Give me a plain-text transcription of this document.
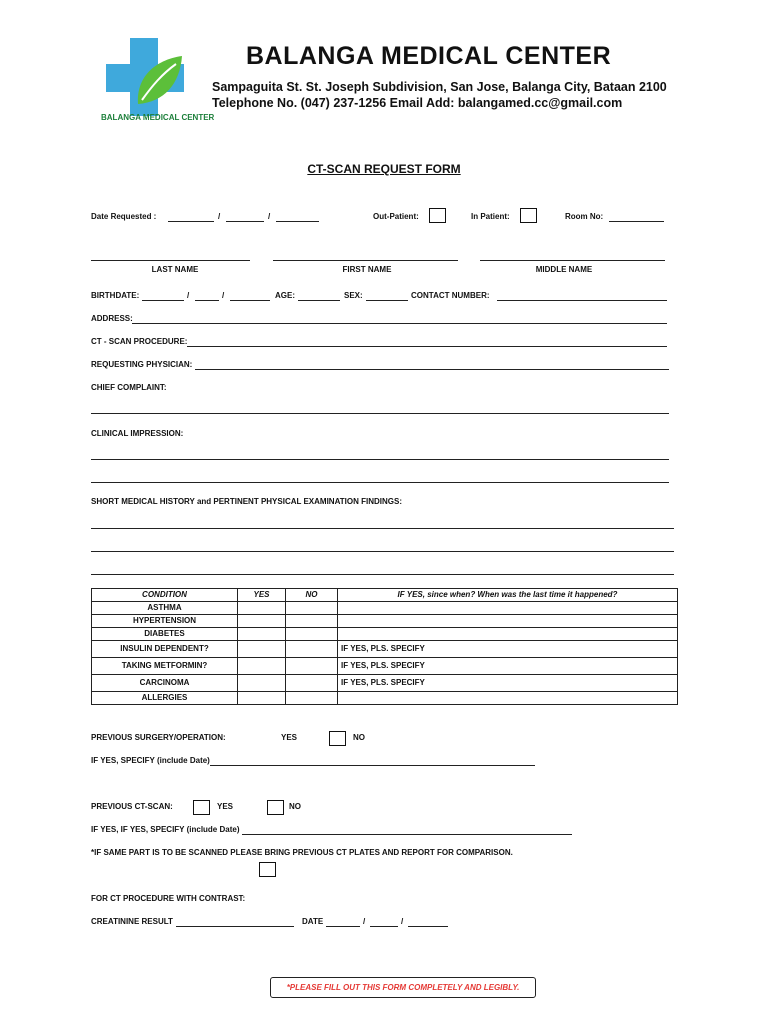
BALANGA MEDICAL CENTER
BALANGA MEDICAL CENTER
Sampaguita St. St. Joseph Subdivision, San Jose, Balanga City, Bataan 2100
Telephone No. (047) 237-1256 Email Add: balangamed.cc@gmail.com
CT-SCAN REQUEST FORM
Date Requested :	/	/	Out-Patient:	In Patient:	Room No:
LAST NAME	FIRST NAME	MIDDLE NAME
BIRTHDATE:	/	/	AGE:	SEX:	CONTACT NUMBER:
ADDRESS:
CT - SCAN PROCEDURE:
REQUESTING PHYSICIAN:
CHIEF COMPLAINT:
CLINICAL IMPRESSION:
SHORT MEDICAL HISTORY and PERTINENT PHYSICAL EXAMINATION FINDINGS:
CONDITION	YES	NO	IF YES, since when? When was the last time it happened?
ASTHMA			
HYPERTENSION			
DIABETES			
INSULIN DEPENDENT?			IF YES, PLS. SPECIFY
TAKING METFORMIN?			IF YES, PLS. SPECIFY
CARCINOMA			IF YES, PLS. SPECIFY
ALLERGIES			
PREVIOUS SURGERY/OPERATION:	YES	NO
IF YES, SPECIFY (include Date)
PREVIOUS CT-SCAN:	YES	NO
IF YES, IF YES, SPECIFY (include Date)
*IF SAME PART IS TO BE SCANNED PLEASE BRING PREVIOUS CT PLATES AND REPORT FOR COMPARISON.
FOR CT PROCEDURE WITH CONTRAST:
CREATININE RESULT	DATE	/	/
*PLEASE FILL OUT THIS FORM COMPLETELY AND LEGIBLY.
